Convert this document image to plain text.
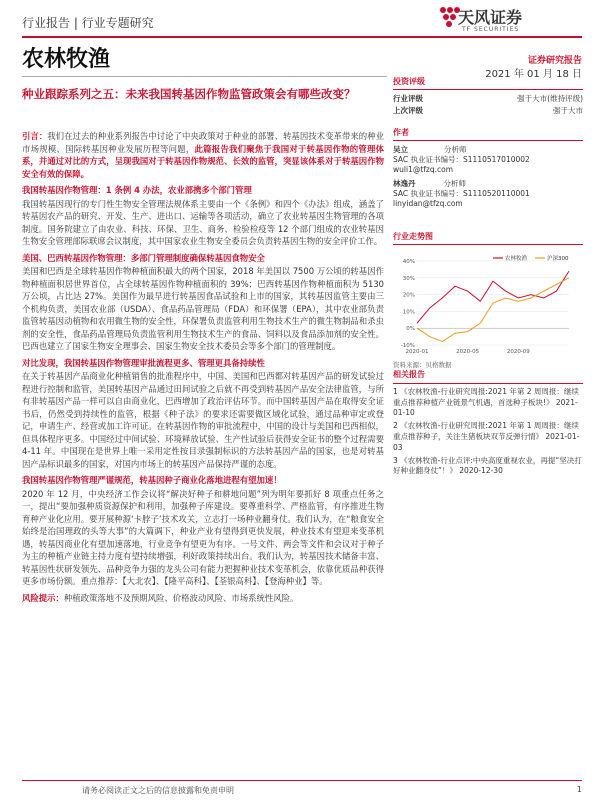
行业报告 | 行业专题研究	天风证券
TF SECURITIES
农林牧渔	证券研究报告
2021 年 01 月 18 日
种业跟踪系列之五：未来我国转基因作物监管政策会有哪些改变？

引言：我们在过去的种业系列报告中讨论了中央政策对于种业的部署、转基因技术变革带来的种业市场规模、国际转基因种业发展历程等问题，此篇报告我们聚焦于我国对于转基因作物的管理体系，并通过对比的方式，呈现我国对于转基因作物规范、长效的监管，突显该体系对于转基因作物安全有效的保障。

我国转基因作物管理：1 条例 4 办法，农业部携多个部门管理

我国转基因现行的专门性生物安全管理法规体系主要由一个《条例》和四个《办法》组成，涵盖了转基因农产品的研究、开发、生产、进出口、运输等各项活动，确立了农业转基因生物管理的各项制度。国务院建立了由农业、科技、环保、卫生、商务、检验检疫等 12 个部门组成的农业转基因生物安全管理部际联席会议制度，其中国家农业生物安全委员会负责转基因生物的安全评价工作。

美国、巴西转基因作物管理：多部门管理制度确保转基因食物安全

美国和巴西是全球转基因作物种植面积最大的两个国家，2018 年美国以 7500 万公顷的转基因作物种植面积居世界首位，占全球转基因作物种植面积的 39%；巴西转基因作物种植面积为 5130 万公顷，占比达 27%。美国作为最早进行转基因食品试验和上市的国家，其转基因监管主要由三个机构负责，美国农业部（USDA）、食品药品管理局（FDA）和环保署（EPA），其中农业部负责监管转基因动植物和农用微生物的安全性，环保署负责监管利用生物技术生产的微生物制品和杀虫剂的安全性，食品药品管理局负责监管利用生物技术生产的食品、饲料以及食品添加剂的安全性。巴西也建立了国家生物安全理事会、国家生物安全技术委员会等多个部门的管理制度。

对比发现，我国转基因作物管理审批流程更多、管理更具备持续性

在关于转基因产品商业化种植销售的批准程序中，中国、美国和巴西都对转基因产品的研发试验过程进行控制和监管，美国转基因产品通过田间试验之后就不再受到转基因产品安全法律监管，与所有非转基因产品一样可以自由商业化，巴西增加了政治评估环节。而中国转基因产品在取得安全证书后，仍然受到持续性的监管，根据《种子法》的要求还需要做区域化试验，通过品种审定或登记，申请生产、经营或加工许可证。在转基因作物的审批流程中，中国的设计与美国和巴西相似，但具体程序更多。中国经过中间试验、环境释放试验、生产性试验后获得安全证书的整个过程需要 4-11 年。中国现在是世界上唯一采用定性按目录强制标识的方法转基因产品的国家，也是对转基因产品标识最多的国家，对国内市场上的转基因产品保持严谨的态度。

我国转基因作物管理严谨规范，转基因种子商业化落地进程有望加速！

2020 年 12 月，中央经济工作会议将“解决好种子和耕地问题”列为明年要抓好 8 项重点任务之一，提出“要加强种质资源保护和利用，加强种子库建设。要尊重科学、严格监管，有序推进生物育种产业化应用。要开展种源‘卡脖子’技术攻关，立志打一场种业翻身仗。我们认为，在“粮食安全始终是治国理政的头等大事”的大篇调下，种业产业有望得到更快发展，种业技术有望迎来变革机遇，转基因商业化有望加速落地，行业竞争有望更为有序。一号文件、两会等文件和会议对于种子为主的种植产业链主持力度有望持续增强，利好政策持续出台。我们认为，转基因技术储备丰富、转基因性状研发领先、品种竞争力强的龙头公司有能力把握种业技术变革机会，依靠优质品种获得更多市场份额。重点推荐：【大北农】、【隆平高科】、【荃银高科】、【登海种业】等。

风险提示：种植政策落地不及预期风险、价格波动风险、市场系统性风险。

投资评级
行业评级	强于大市(维持评级)
上次评级	强于大市
作者
吴立	分析师
SAC 执业证书编号：S1110517010002
wuli1@tfzq.com
林逸丹	分析师
SAC 执业证书编号：S1110520110001
linyidan@tfzq.com
行业走势图
40%
30%
20%
10%
0%
-10%
2020-01	2020-05	2020-09
农林牧渔	沪深300
资料来源：贝格数据
相关报告
1 《农林牧渔-行业研究周报:2021 年第 2 周周报：继续重点推荐种植产业链景气机遇，首选种子板块!》 2021-01-10
2 《农林牧渔-行业研究周报:2021 年第 1 周周报：继续重点推荐种子，关注生猪板块双节反弹行情》 2021-01-03
3 《农林牧渔-行业点评:中央高度重视农业，再提“坚决打好种业翻身仗”！》 2020-12-30
请务必阅读正文之后的信息披露和免责申明	1
